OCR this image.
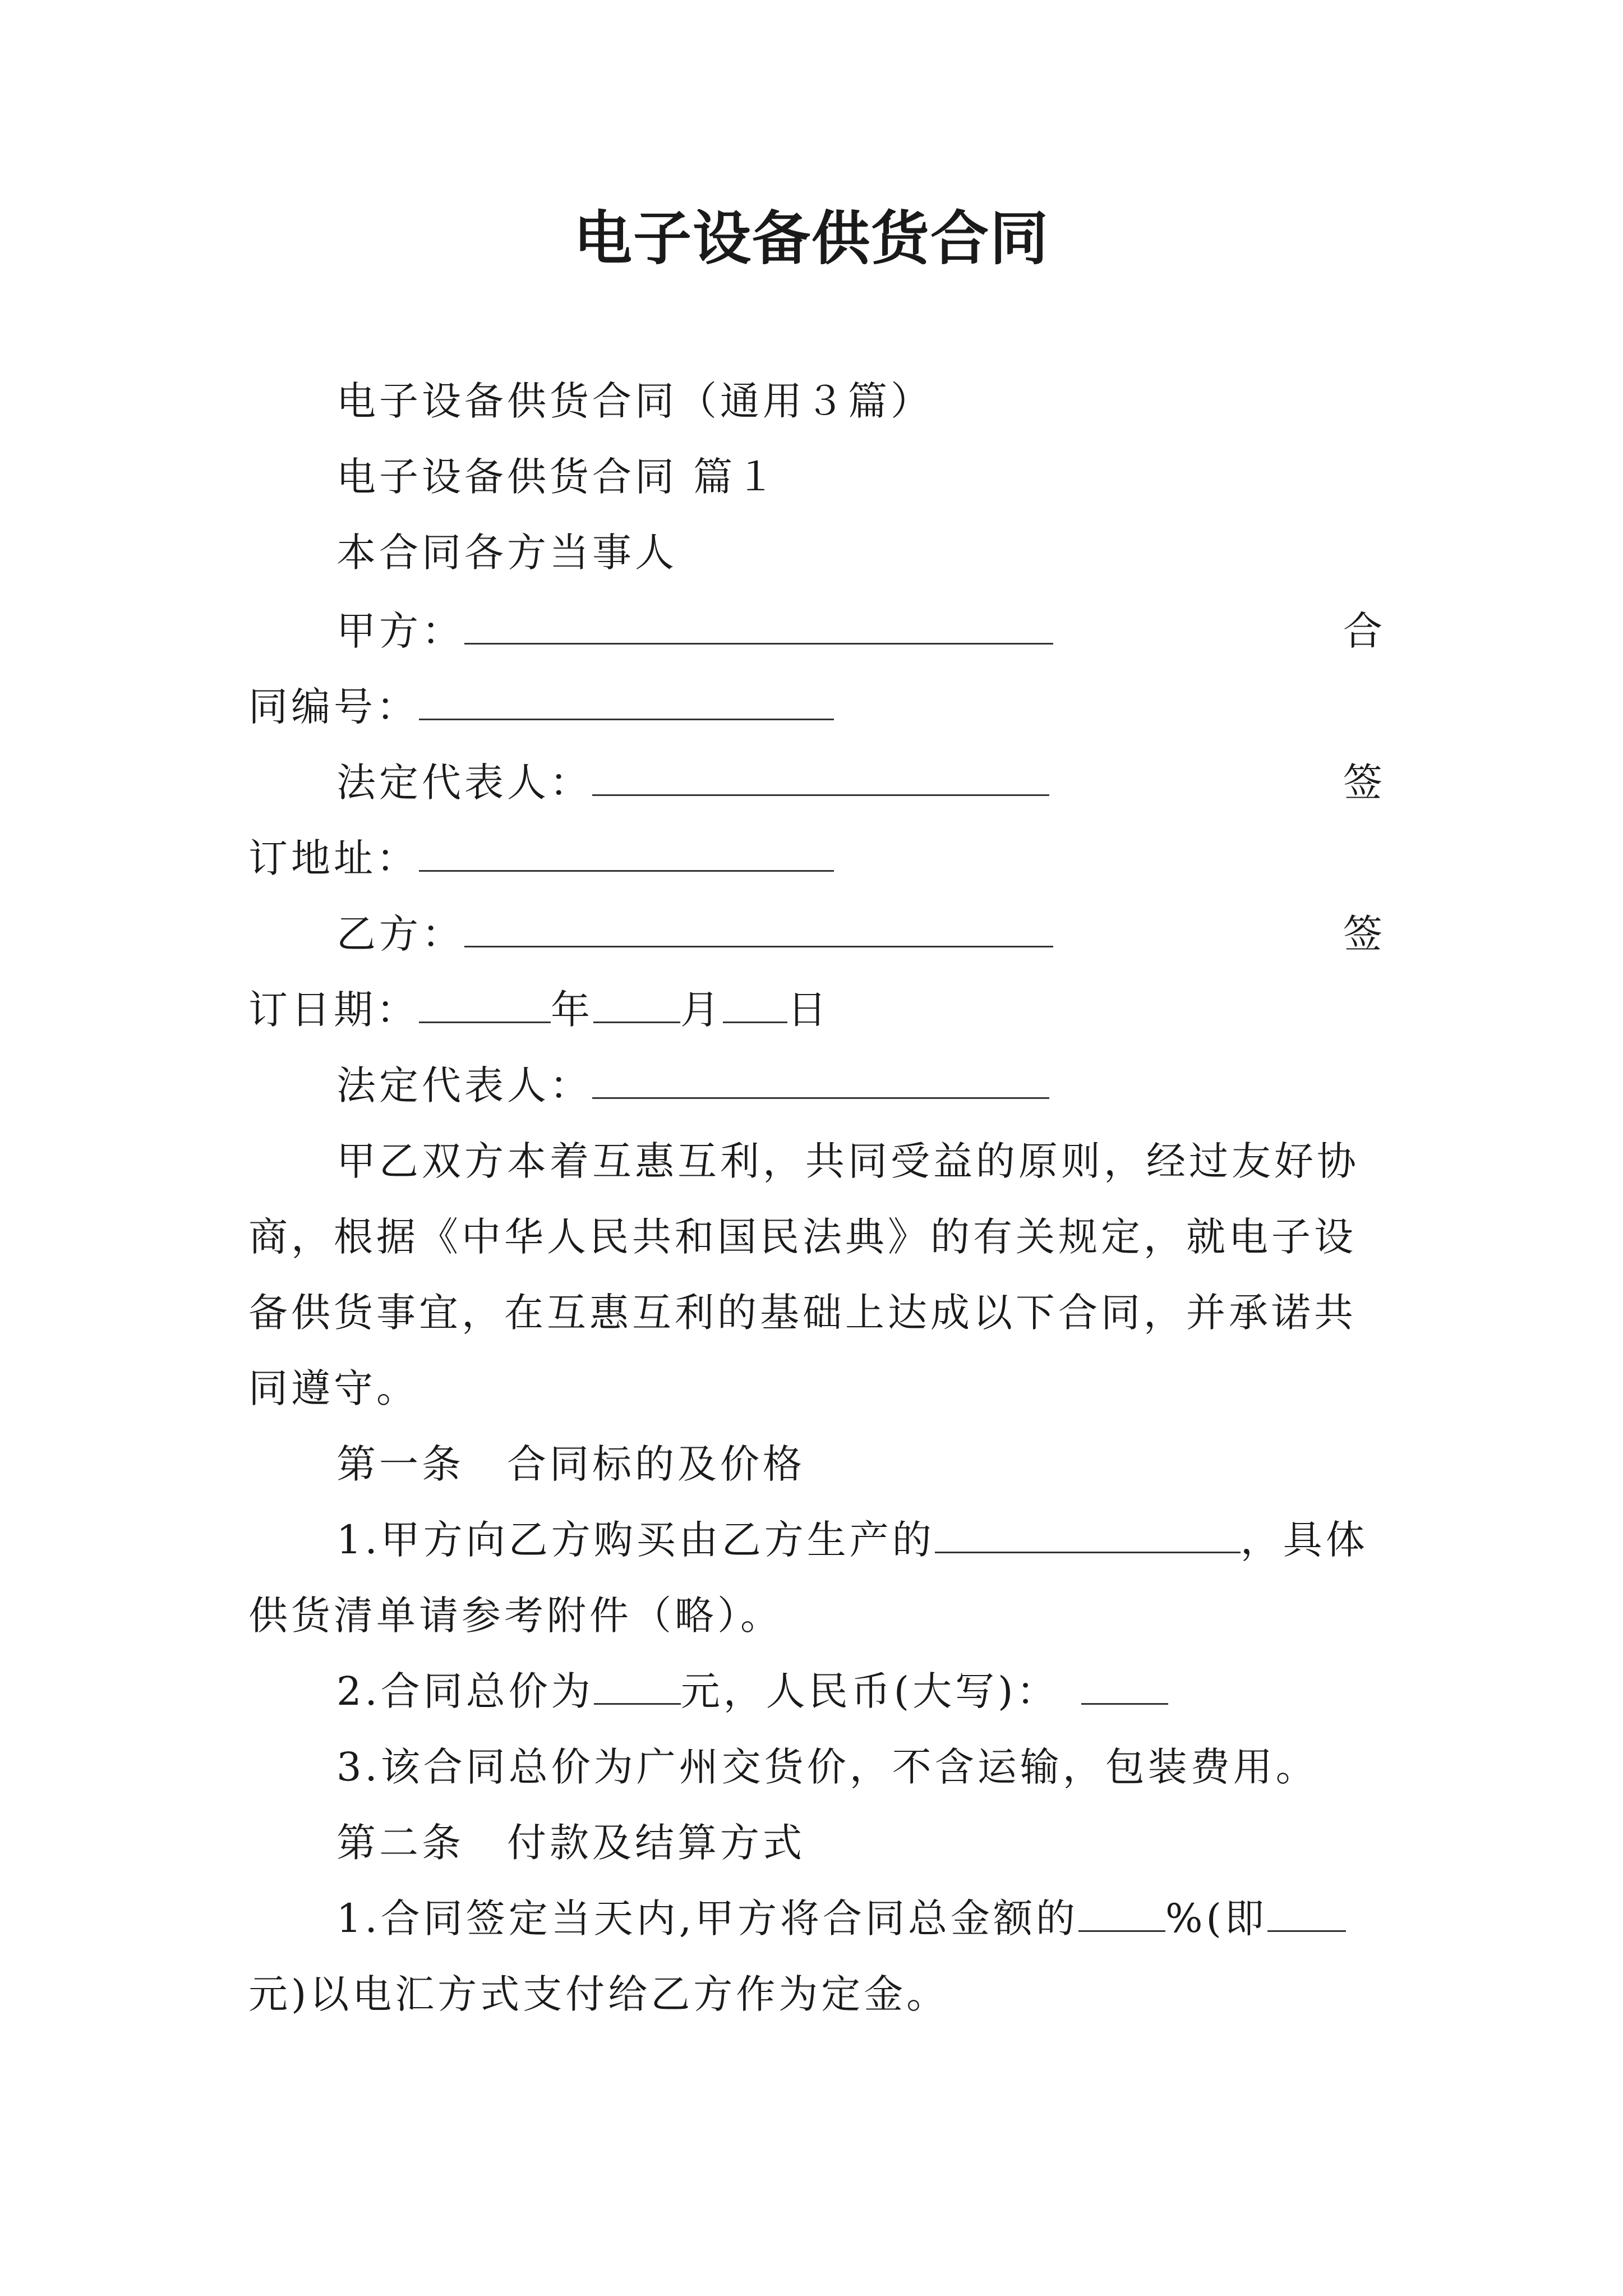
电子设备供货合同
电子设备供货合同（通用３篇）
电子设备供货合同 篇１
本合同各方当事人
甲方：	合
同编号：
法定代表人：	签
订地址：
乙方：	签
订日期：	年 月 日
法定代表人：
甲乙双方本着互惠互利，共同受益的原则，经过友好协
商，根据《中华人民共和国民法典》的有关规定，就电子设
备供货事宜，在互惠互利的基础上达成以下合同，并承诺共
同遵守。
第一条　合同标的及价格
1.甲方向乙方购买由乙方生产的	，具体
供货清单请参考附件（略）。
2.合同总价为 元，人民币(大写)：
3.该合同总价为广州交货价，不含运输，包装费用。
第二条　付款及结算方式
1.合同签定当天内,甲方将合同总金额的 %(即
元)以电汇方式支付给乙方作为定金。
